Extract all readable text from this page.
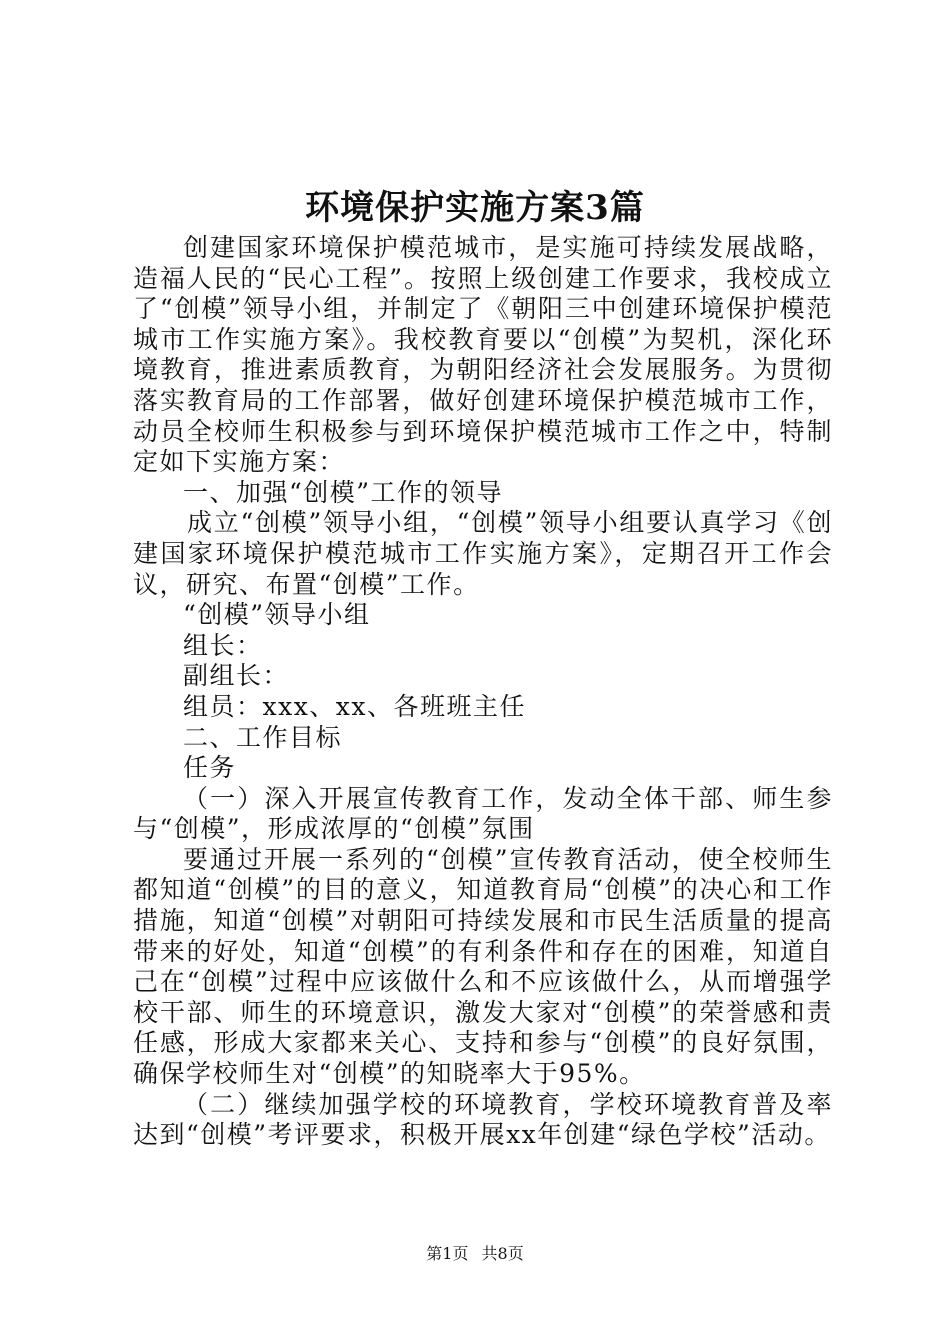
环境保护实施方案3篇

创建国家环境保护模范城市，是实施可持续发展战略，造福人民的“民心工程”。按照上级创建工作要求，我校成立了“创模”领导小组，并制定了《朝阳三中创建环境保护模范城市工作实施方案》。我校教育要以“创模”为契机，深化环境教育，推进素质教育，为朝阳经济社会发展服务。为贯彻落实教育局的工作部署，做好创建环境保护模范城市工作，动员全校师生积极参与到环境保护模范城市工作之中，特制定如下实施方案：

一、加强“创模”工作的领导

成立“创模”领导小组，“创模”领导小组要认真学习《创建国家环境保护模范城市工作实施方案》，定期召开工作会议，研究、布置“创模”工作。

“创模”领导小组

组长：

副组长：

组员：xxx、xx、各班班主任

二、工作目标

任务

（一）深入开展宣传教育工作，发动全体干部、师生参与“创模”，形成浓厚的“创模”氛围

要通过开展一系列的“创模”宣传教育活动，使全校师生都知道“创模”的目的意义，知道教育局“创模”的决心和工作措施，知道“创模”对朝阳可持续发展和市民生活质量的提高带来的好处，知道“创模”的有利条件和存在的困难，知道自己在“创模”过程中应该做什么和不应该做什么，从而增强学校干部、师生的环境意识，激发大家对“创模”的荣誉感和责任感，形成大家都来关心、支持和参与“创模”的良好氛围，确保学校师生对“创模”的知晓率大于95%。

（二）继续加强学校的环境教育，学校环境教育普及率达到“创模”考评要求，积极开展xx年创建“绿色学校”活动。

第1页 共8页
